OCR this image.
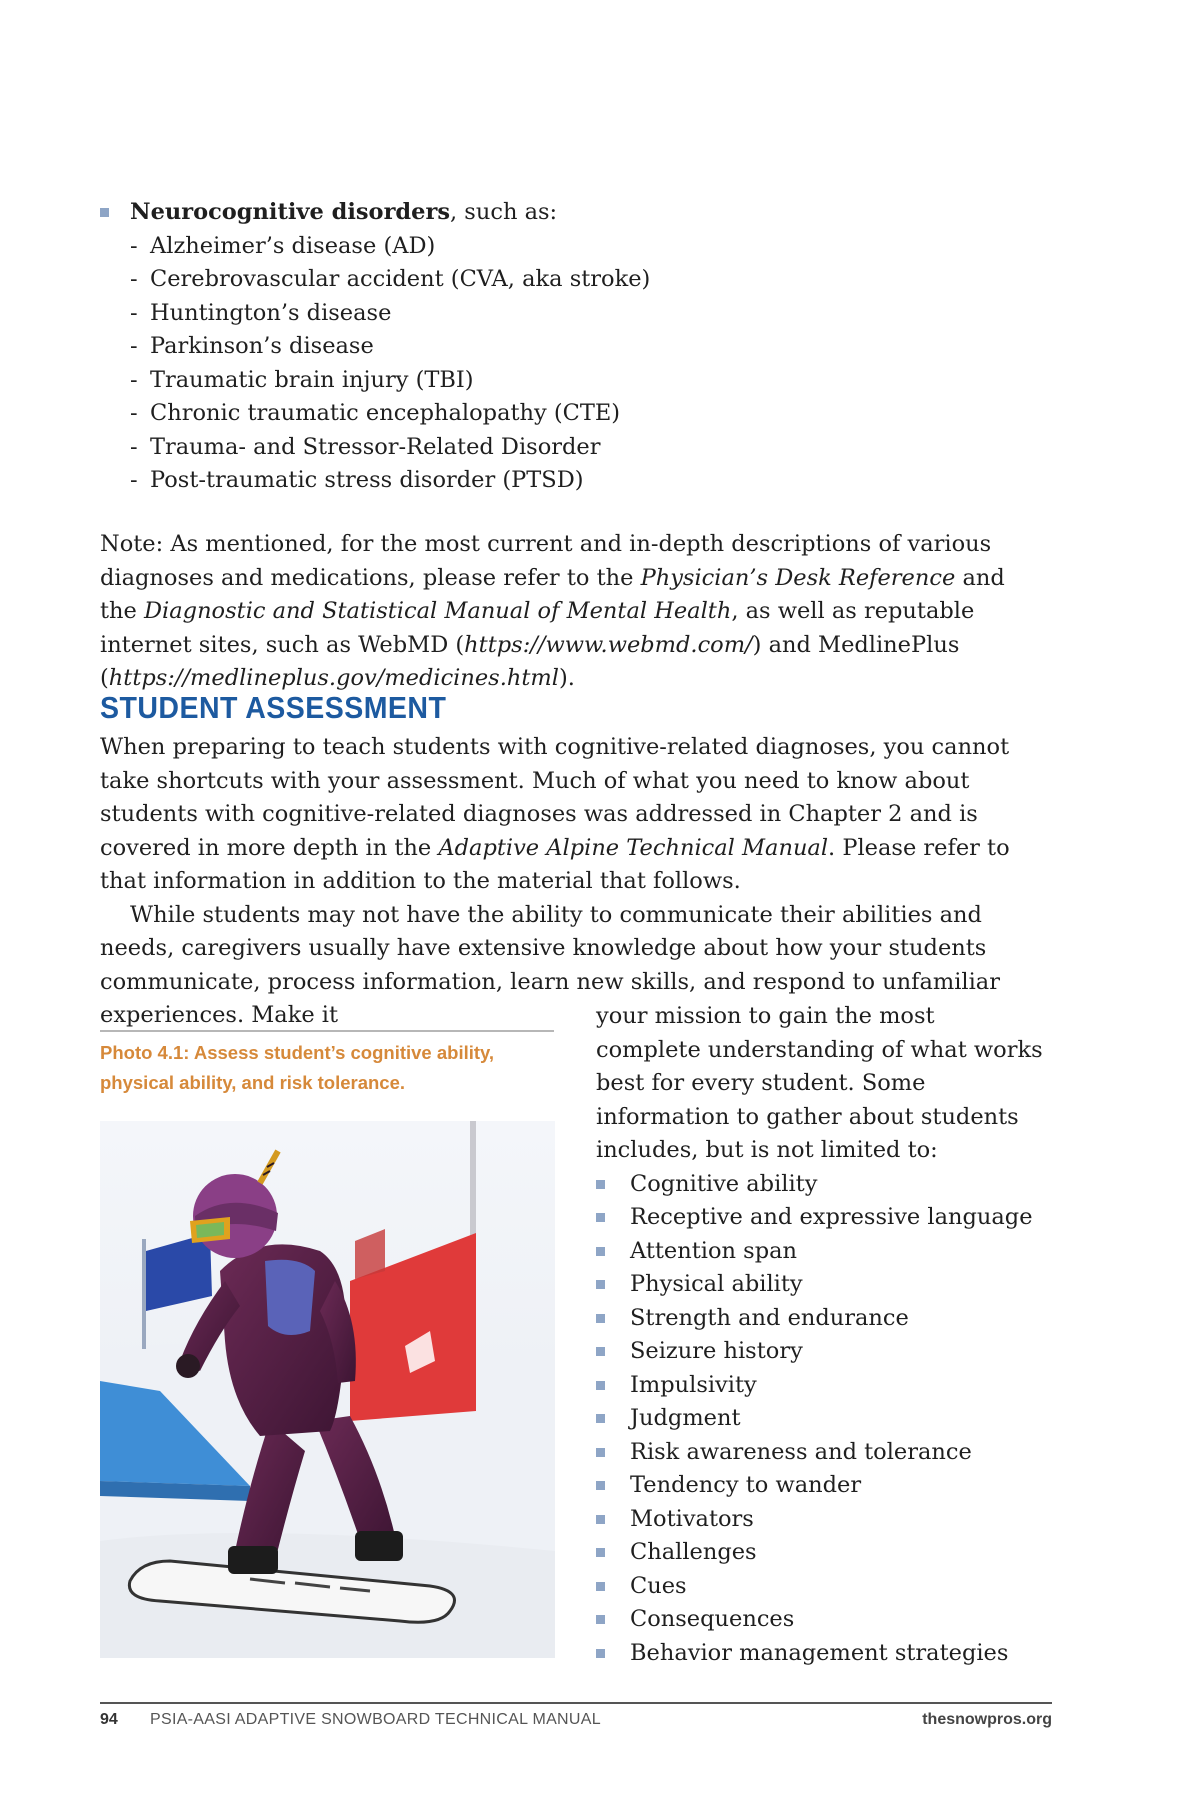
Neurocognitive disorders, such as:
- Alzheimer’s disease (AD)
- Cerebrovascular accident (CVA, aka stroke)
- Huntington’s disease
- Parkinson’s disease
- Traumatic brain injury (TBI)
- Chronic traumatic encephalopathy (CTE)
- Trauma- and Stressor-Related Disorder
- Post-traumatic stress disorder (PTSD)

Note: As mentioned, for the most current and in-depth descriptions of various diagnoses and medications, please refer to the Physician’s Desk Reference and the Diagnostic and Statistical Manual of Mental Health, as well as reputable internet sites, such as WebMD (https://www.webmd.com/) and MedlinePlus (https://medlineplus.gov/medicines.html).

STUDENT ASSESSMENT

When preparing to teach students with cognitive-related diagnoses, you cannot take shortcuts with your assessment. Much of what you need to know about students with cognitive-related diagnoses was addressed in Chapter 2 and is covered in more depth in the Adaptive Alpine Technical Manual. Please refer to that information in addition to the material that follows.

While students may not have the ability to communicate their abilities and needs, caregivers usually have extensive knowledge about how your students communicate, process information, learn new skills, and respond to unfamiliar experiences. Make it	your mission to gain the most complete understanding of what works best for every student. Some information to gather about students includes, but is not limited to:

Cognitive ability
Receptive and expressive language
Attention span
Physical ability
Strength and endurance
Seizure history
Impulsivity
Judgment
Risk awareness and tolerance
Tendency to wander
Motivators
Challenges
Cues
Consequences
Behavior management strategies

Photo 4.1: Assess student’s cognitive ability, physical ability, and risk tolerance.

94 PSIA-AASI ADAPTIVE SNOWBOARD TECHNICAL MANUAL	thesnowpros.org
